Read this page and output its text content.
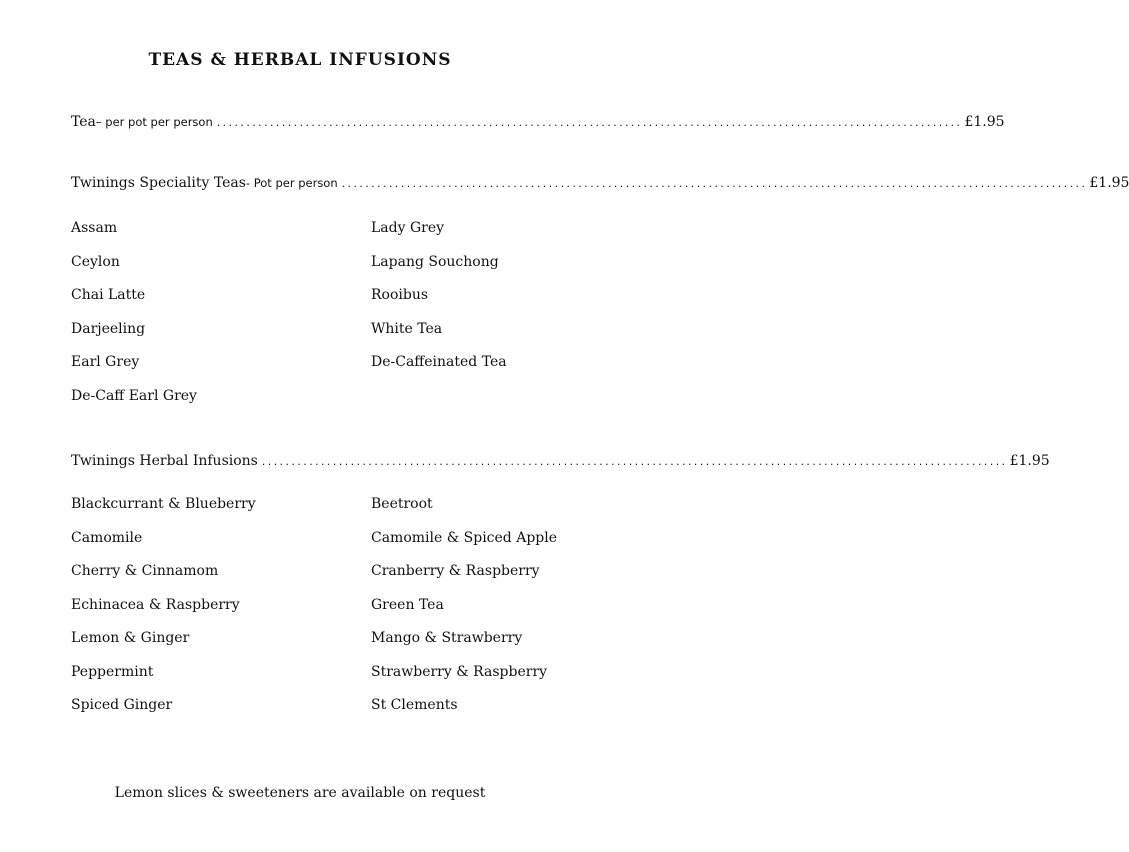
TEAS & HERBAL INFUSIONS
Tea – per pot per person .............................................................................................................................. £1.95
Twinings Speciality Teas - Pot per person .............................................................................................................................. £1.95
Assam
Ceylon
Chai Latte
Darjeeling
Earl Grey
De-Caff Earl Grey
Lady Grey
Lapang Souchong
Rooibus
White Tea
De-Caffeinated Tea
Twinings Herbal Infusions .............................................................................................................................. £1.95
Blackcurrant & Blueberry
Camomile
Cherry & Cinnamom
Echinacea & Raspberry
Lemon & Ginger
Peppermint
Spiced Ginger
Beetroot
Camomile & Spiced Apple
Cranberry & Raspberry
Green Tea
Mango & Strawberry
Strawberry & Raspberry
St Clements
Lemon slices & sweeteners are available on request
